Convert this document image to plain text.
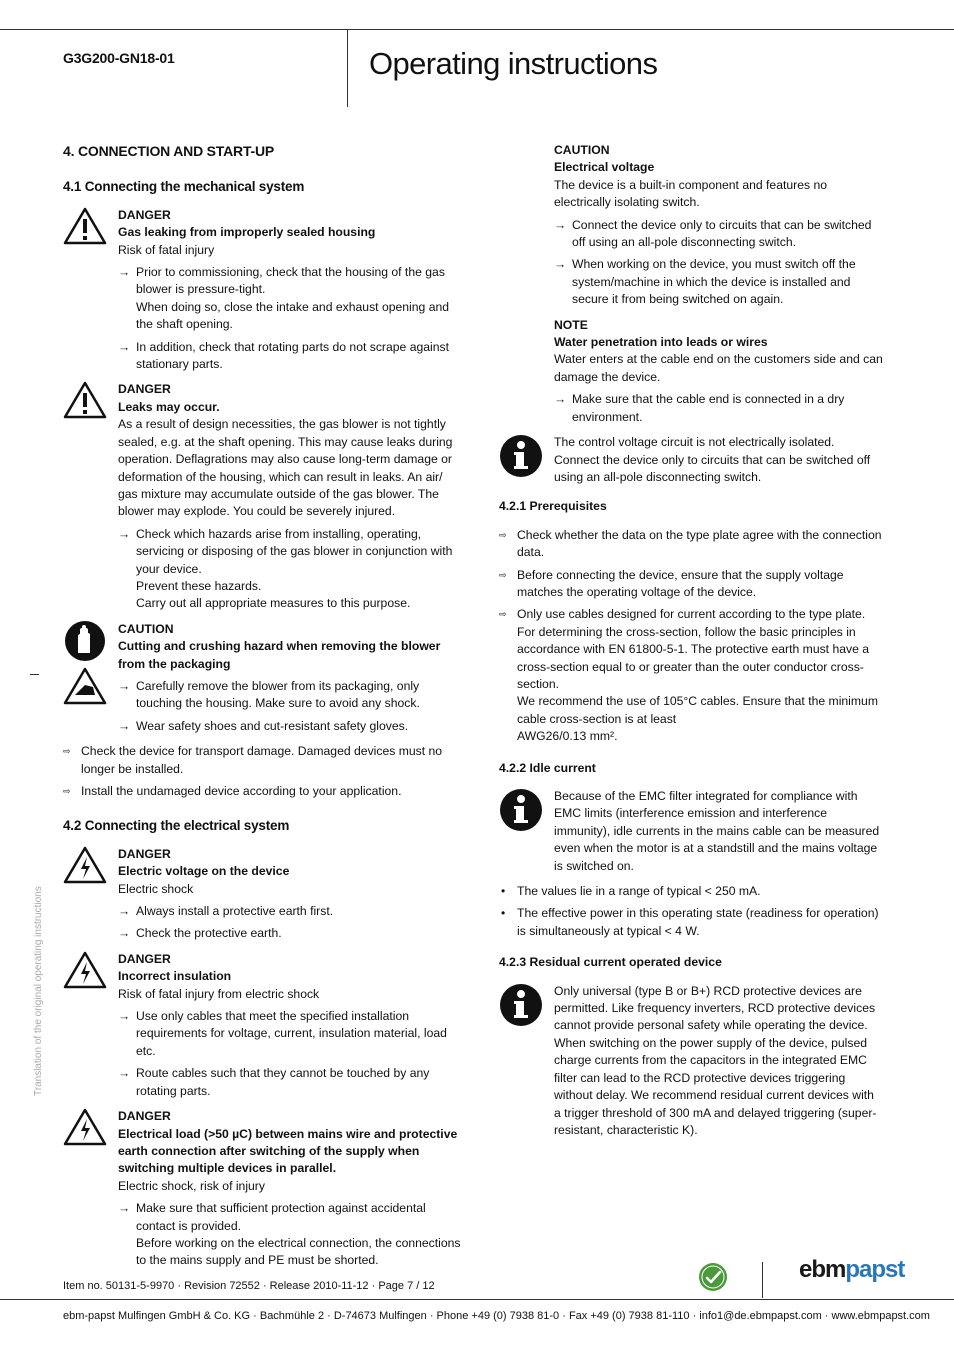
G3G200-GN18-01	Operating instructions
4. CONNECTION AND START-UP
4.1 Connecting the mechanical system
DANGER
Gas leaking from improperly sealed housing
Risk of fatal injury
→ Prior to commissioning, check that the housing of the gas blower is pressure-tight.
When doing so, close the intake and exhaust opening and the shaft opening.
→ In addition, check that rotating parts do not scrape against stationary parts.
DANGER
Leaks may occur.
As a result of design necessities, the gas blower is not tightly sealed, e.g. at the shaft opening. This may cause leaks during operation. Deflagrations may also cause long-term damage or deformation of the housing, which can result in leaks. An air/ gas mixture may accumulate outside of the gas blower. The blower may explode. You could be severely injured.
→ Check which hazards arise from installing, operating, servicing or disposing of the gas blower in conjunction with your device.
Prevent these hazards.
Carry out all appropriate measures to this purpose.
CAUTION
Cutting and crushing hazard when removing the blower from the packaging
→ Carefully remove the blower from its packaging, only touching the housing. Make sure to avoid any shock.
→ Wear safety shoes and cut-resistant safety gloves.
⇨ Check the device for transport damage. Damaged devices must no longer be installed.
⇨ Install the undamaged device according to your application.
4.2 Connecting the electrical system
DANGER
Electric voltage on the device
Electric shock
→ Always install a protective earth first.
→ Check the protective earth.
DANGER
Incorrect insulation
Risk of fatal injury from electric shock
→ Use only cables that meet the specified installation requirements for voltage, current, insulation material, load etc.
→ Route cables such that they cannot be touched by any rotating parts.
DANGER
Electrical load (>50 µC) between mains wire and protective earth connection after switching of the supply when switching multiple devices in parallel.
Electric shock, risk of injury
→ Make sure that sufficient protection against accidental contact is provided.
Before working on the electrical connection, the connections to the mains supply and PE must be shorted.
CAUTION
Electrical voltage
The device is a built-in component and features no electrically isolating switch.
→ Connect the device only to circuits that can be switched off using an all-pole disconnecting switch.
→ When working on the device, you must switch off the system/machine in which the device is installed and secure it from being switched on again.
NOTE
Water penetration into leads or wires
Water enters at the cable end on the customers side and can damage the device.
→ Make sure that the cable end is connected in a dry environment.
The control voltage circuit is not electrically isolated. Connect the device only to circuits that can be switched off using an all-pole disconnecting switch.
4.2.1 Prerequisites
⇨ Check whether the data on the type plate agree with the connection data.
⇨ Before connecting the device, ensure that the supply voltage matches the operating voltage of the device.
⇨ Only use cables designed for current according to the type plate.
For determining the cross-section, follow the basic principles in accordance with EN 61800-5-1. The protective earth must have a cross-section equal to or greater than the outer conductor cross-section.
We recommend the use of 105°C cables. Ensure that the minimum cable cross-section is at least
AWG26/0.13 mm².
4.2.2 Idle current
Because of the EMC filter integrated for compliance with EMC limits (interference emission and interference immunity), idle currents in the mains cable can be measured even when the motor is at a standstill and the mains voltage is switched on.
• The values lie in a range of typical < 250 mA.
• The effective power in this operating state (readiness for operation) is simultaneously at typical < 4 W.
4.2.3 Residual current operated device
Only universal (type B or B+) RCD protective devices are permitted. Like frequency inverters, RCD protective devices cannot provide personal safety while operating the device. When switching on the power supply of the device, pulsed charge currents from the capacitors in the integrated EMC filter can lead to the RCD protective devices triggering without delay. We recommend residual current devices with a trigger threshold of 300 mA and delayed triggering (super-resistant, characteristic K).
Translation of the original operating instructions
Item no. 50131-5-9970 · Revision 72552 · Release 2010-11-12 · Page 7 / 12
ebmpapst
ebm-papst Mulfingen GmbH & Co. KG · Bachmühle 2 · D-74673 Mulfingen · Phone +49 (0) 7938 81-0 · Fax +49 (0) 7938 81-110 · info1@de.ebmpapst.com · www.ebmpapst.com
